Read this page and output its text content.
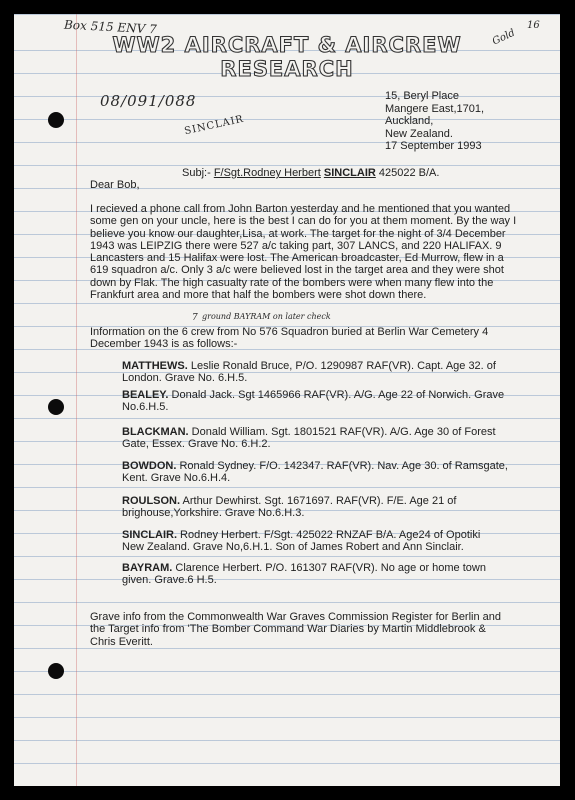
Box 515 ENV 7
Gold
16
WW2 AIRCRAFT & AIRCREW
RESEARCH
08/091/088
SINCLAIR
15, Beryl Place
Mangere East,1701,
Auckland,
New Zealand.
17 September 1993
Subj:- F/Sgt.Rodney Herbert SINCLAIR 425022 B/A.
Dear Bob,
I recieved a phone call from John Barton yesterday and he mentioned that you wanted
some gen on your uncle, here is the best I can do for you at them moment. By the way I
believe you know our daughter,Lisa, at work. The target for the night of 3/4 December
1943 was LEIPZIG there were 527 a/c taking part, 307 LANCS, and 220 HALIFAX. 9
Lancasters and 15 Halifax were lost. The American broadcaster, Ed Murrow, flew in a
619 squadron a/c. Only 3 a/c were believed lost in the target area and they were shot
down by Flak. The high casualty rate of the bombers were when many flew into the
Frankfurt area and more that half the bombers were shot down there.
7 ground BAYRAM on later check
Information on the 6 crew from No 576 Squadron buried at Berlin War Cemetery 4
December 1943 is as follows:-
MATTHEWS. Leslie Ronald Bruce, P/O. 1290987 RAF(VR). Capt. Age 32. of
London. Grave No. 6.H.5.
BEALEY. Donald Jack. Sgt 1465966 RAF(VR). A/G. Age 22 of Norwich. Grave
No.6.H.5.
BLACKMAN. Donald William. Sgt. 1801521 RAF(VR). A/G. Age 30 of Forest
Gate, Essex. Grave No. 6.H.2.
BOWDON. Ronald Sydney. F/O. 142347. RAF(VR). Nav. Age 30. of Ramsgate,
Kent. Grave No.6.H.4.
ROULSON. Arthur Dewhirst. Sgt. 1671697. RAF(VR). F/E. Age 21 of
brighouse,Yorkshire. Grave No.6.H.3.
SINCLAIR. Rodney Herbert. F/Sgt. 425022 RNZAF B/A. Age24 of Opotiki
New Zealand. Grave No,6.H.1. Son of James Robert and Ann Sinclair.
BAYRAM. Clarence Herbert. P/O. 161307 RAF(VR). No age or home town
given. Grave.6 H.5.
Grave info from the Commonwealth War Graves Commission Register for Berlin and
the Target info from 'The Bomber Command War Diaries by Martin Middlebrook &
Chris Everitt.
